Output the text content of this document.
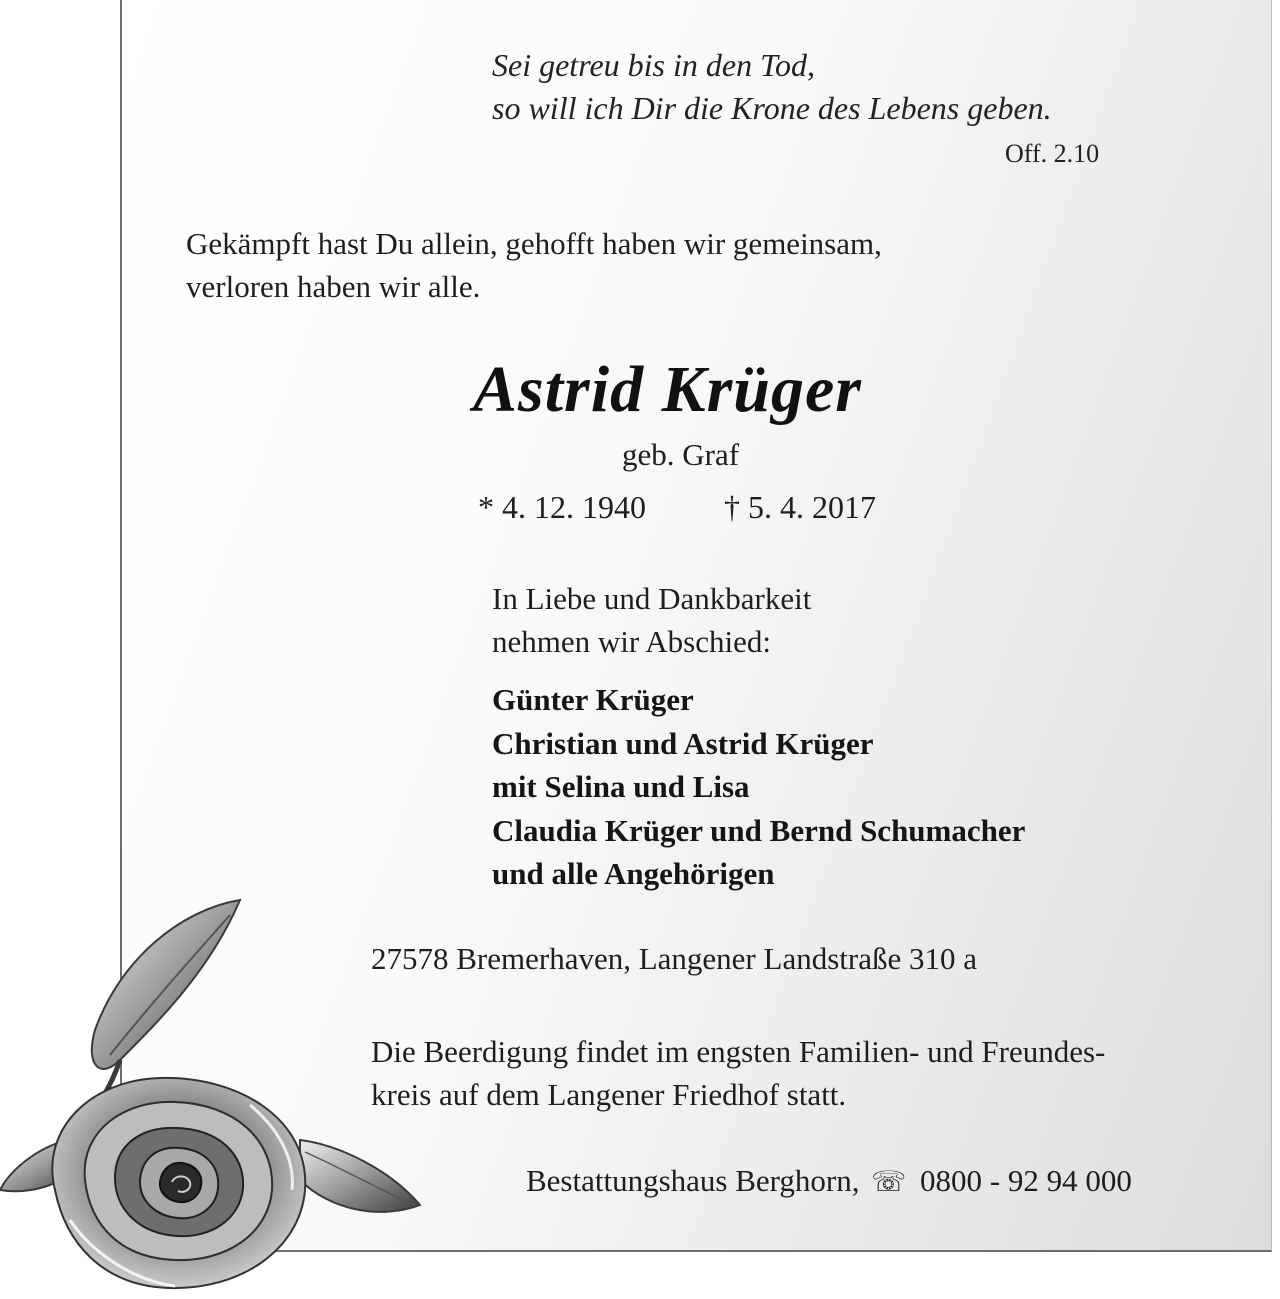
Sei getreu bis in den Tod,
so will ich Dir die Krone des Lebens geben.
Off. 2.10
Gekämpft hast Du allein, gehofft haben wir gemeinsam,
verloren haben wir alle.
Astrid Krüger
geb. Graf
* 4. 12. 1940 † 5. 4. 2017
In Liebe und Dankbarkeit
nehmen wir Abschied:
Günter Krüger
Christian und Astrid Krüger
mit Selina und Lisa
Claudia Krüger und Bernd Schumacher
und alle Angehörigen
27578 Bremerhaven, Langener Landstraße 310 a
Die Beerdigung findet im engsten Familien- und Freundes-
kreis auf dem Langener Friedhof statt.
Bestattungshaus Berghorn, ☏ 0800 - 92 94 000
